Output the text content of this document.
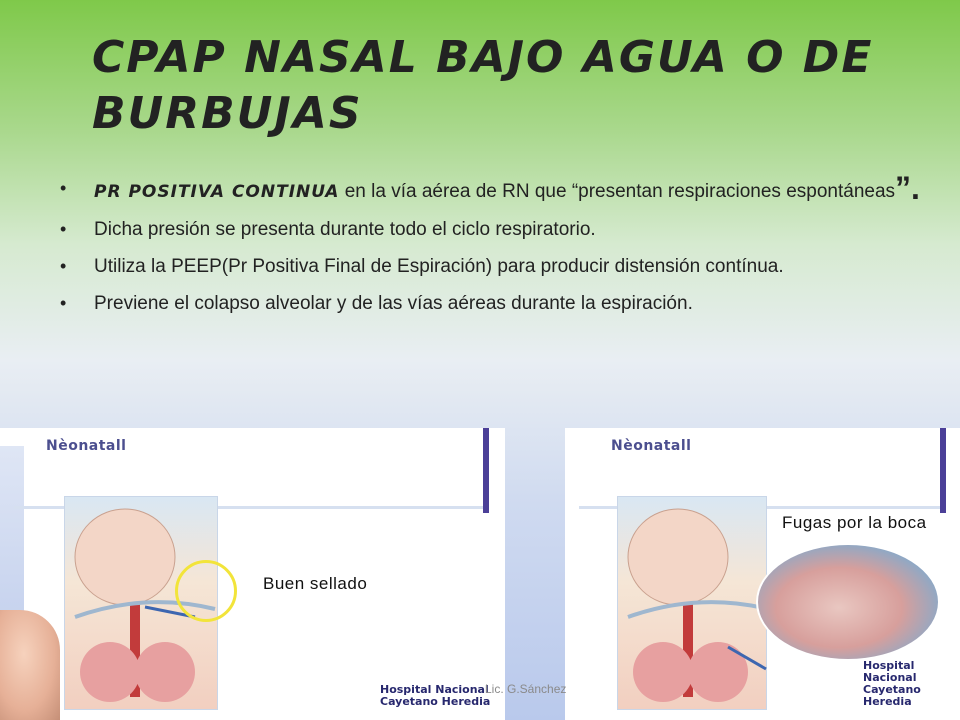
CPAP NASAL BAJO AGUA O DE BURBUJAS
• PR POSITIVA CONTINUA en la vía aérea de RN que “presentan respiraciones espontáneas”.
• Dicha presión se presenta durante todo el ciclo respiratorio.
• Utiliza la PEEP(Pr Positiva Final de Espiración) para producir distensión contínua.
• Previene el colapso alveolar y de las vías aéreas durante la espiración.
Nèonatall
Hospital Nacional
Cayetano Heredia
Buen sellado
Nèonatall
Hospital Nacional
Cayetano Heredia
Fugas por la boca
Lic. G.Sánchez
